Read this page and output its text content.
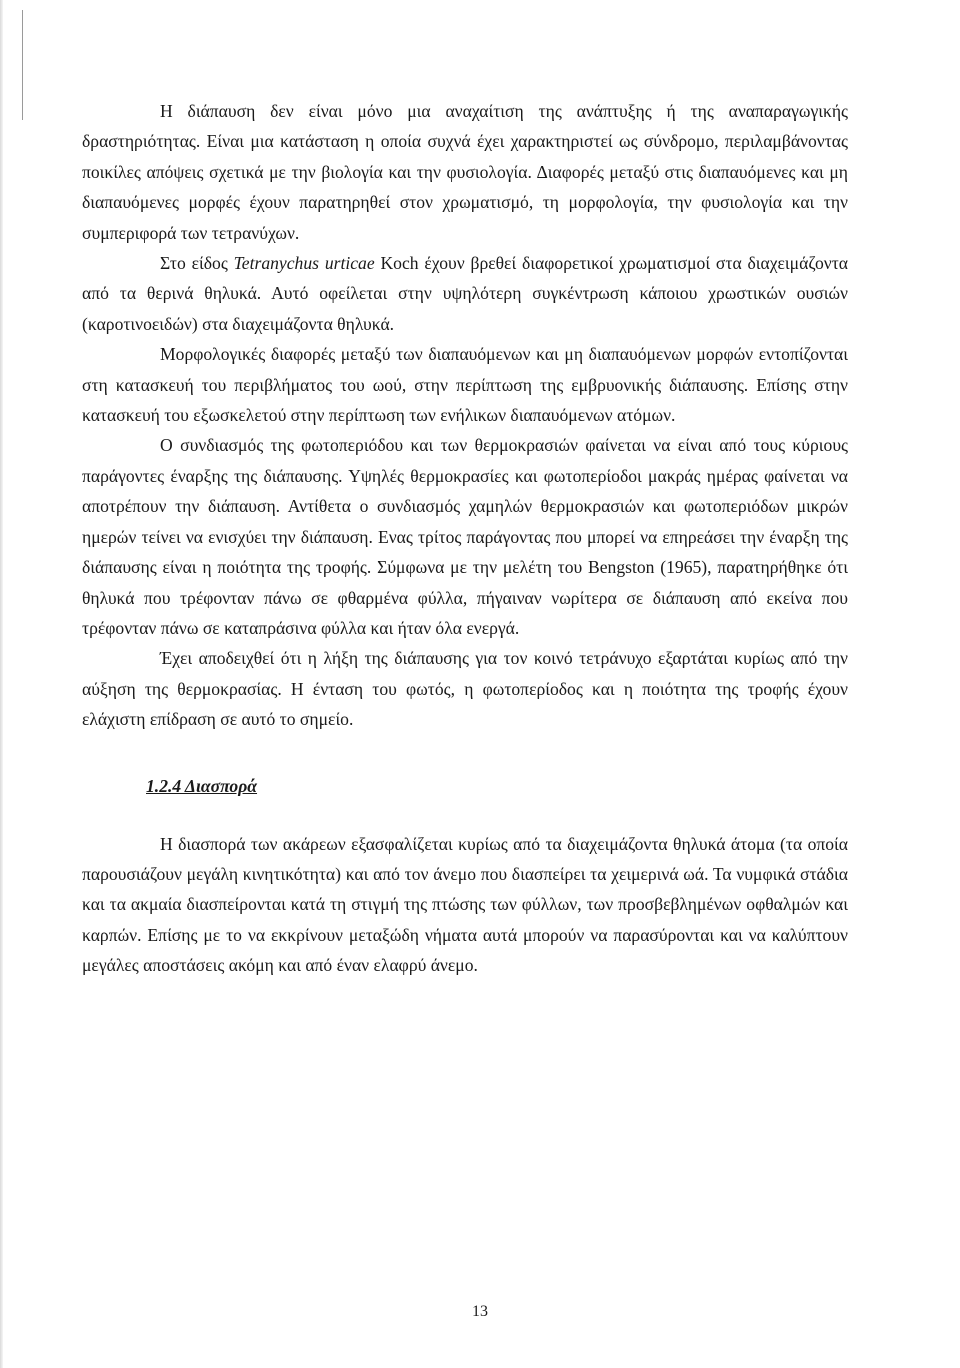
Η διάπαυση δεν είναι μόνο μια αναχαίτιση της ανάπτυξης ή της αναπαραγωγικής δραστηριότητας. Είναι μια κατάσταση η οποία συχνά έχει χαρακτηριστεί ως σύνδρομο, περιλαμβάνοντας ποικίλες απόψεις σχετικά με την βιολογία και την φυσιολογία. Διαφορές μεταξύ στις διαπαυόμενες και μη διαπαυόμενες μορφές έχουν παρατηρηθεί στον χρωματισμό, τη μορφολογία, την φυσιολογία και την συμπεριφορά των τετρανύχων.

Στο είδος Tetranychus urticae Koch έχουν βρεθεί διαφορετικοί χρωματισμοί στα διαχειμάζοντα από τα θερινά θηλυκά. Αυτό οφείλεται στην υψηλότερη συγκέντρωση κάποιου χρωστικών ουσιών (καροτινοειδών) στα διαχειμάζοντα θηλυκά.

Μορφολογικές διαφορές μεταξύ των διαπαυόμενων και μη διαπαυόμενων μορφών εντοπίζονται στη κατασκευή του περιβλήματος του ωού, στην περίπτωση της εμβρυονικής διάπαυσης. Επίσης στην κατασκευή του εξωσκελετού στην περίπτωση των ενήλικων διαπαυόμενων ατόμων.

Ο συνδιασμός της φωτοπεριόδου και των θερμοκρασιών φαίνεται να είναι από τους κύριους παράγοντες έναρξης της διάπαυσης. Υψηλές θερμοκρασίες και φωτοπερίοδοι μακράς ημέρας φαίνεται να αποτρέπουν την διάπαυση. Αντίθετα ο συνδιασμός χαμηλών θερμοκρασιών και φωτοπεριόδων μικρών ημερών τείνει να ενισχύει την διάπαυση. Ενας τρίτος παράγοντας που μπορεί να επηρεάσει την έναρξη της διάπαυσης είναι η ποιότητα της τροφής. Σύμφωνα με την μελέτη του Bengston (1965), παρατηρήθηκε ότι θηλυκά που τρέφονταν πάνω σε φθαρμένα φύλλα, πήγαιναν νωρίτερα σε διάπαυση από εκείνα που τρέφονταν πάνω σε καταπράσινα φύλλα και ήταν όλα ενεργά.

Έχει αποδειχθεί ότι η λήξη της διάπαυσης για τον κοινό τετράνυχο εξαρτάται κυρίως από την αύξηση της θερμοκρασίας. Η ένταση του φωτός, η φωτοπερίοδος και η ποιότητα της τροφής έχουν ελάχιστη επίδραση σε αυτό το σημείο.

1.2.4 Διασπορά

Η διασπορά των ακάρεων εξασφαλίζεται κυρίως από τα διαχειμάζοντα θηλυκά άτομα (τα οποία παρουσιάζουν μεγάλη κινητικότητα) και από τον άνεμο που διασπείρει τα χειμερινά ωά. Τα νυμφικά στάδια και τα ακμαία διασπείρονται κατά τη στιγμή της πτώσης των φύλλων, των προσβεβλημένων οφθαλμών και καρπών. Επίσης με το να εκκρίνουν μεταξώδη νήματα αυτά μπορούν να παρασύρονται και να καλύπτουν μεγάλες αποστάσεις ακόμη και από έναν ελαφρύ άνεμο.

13
